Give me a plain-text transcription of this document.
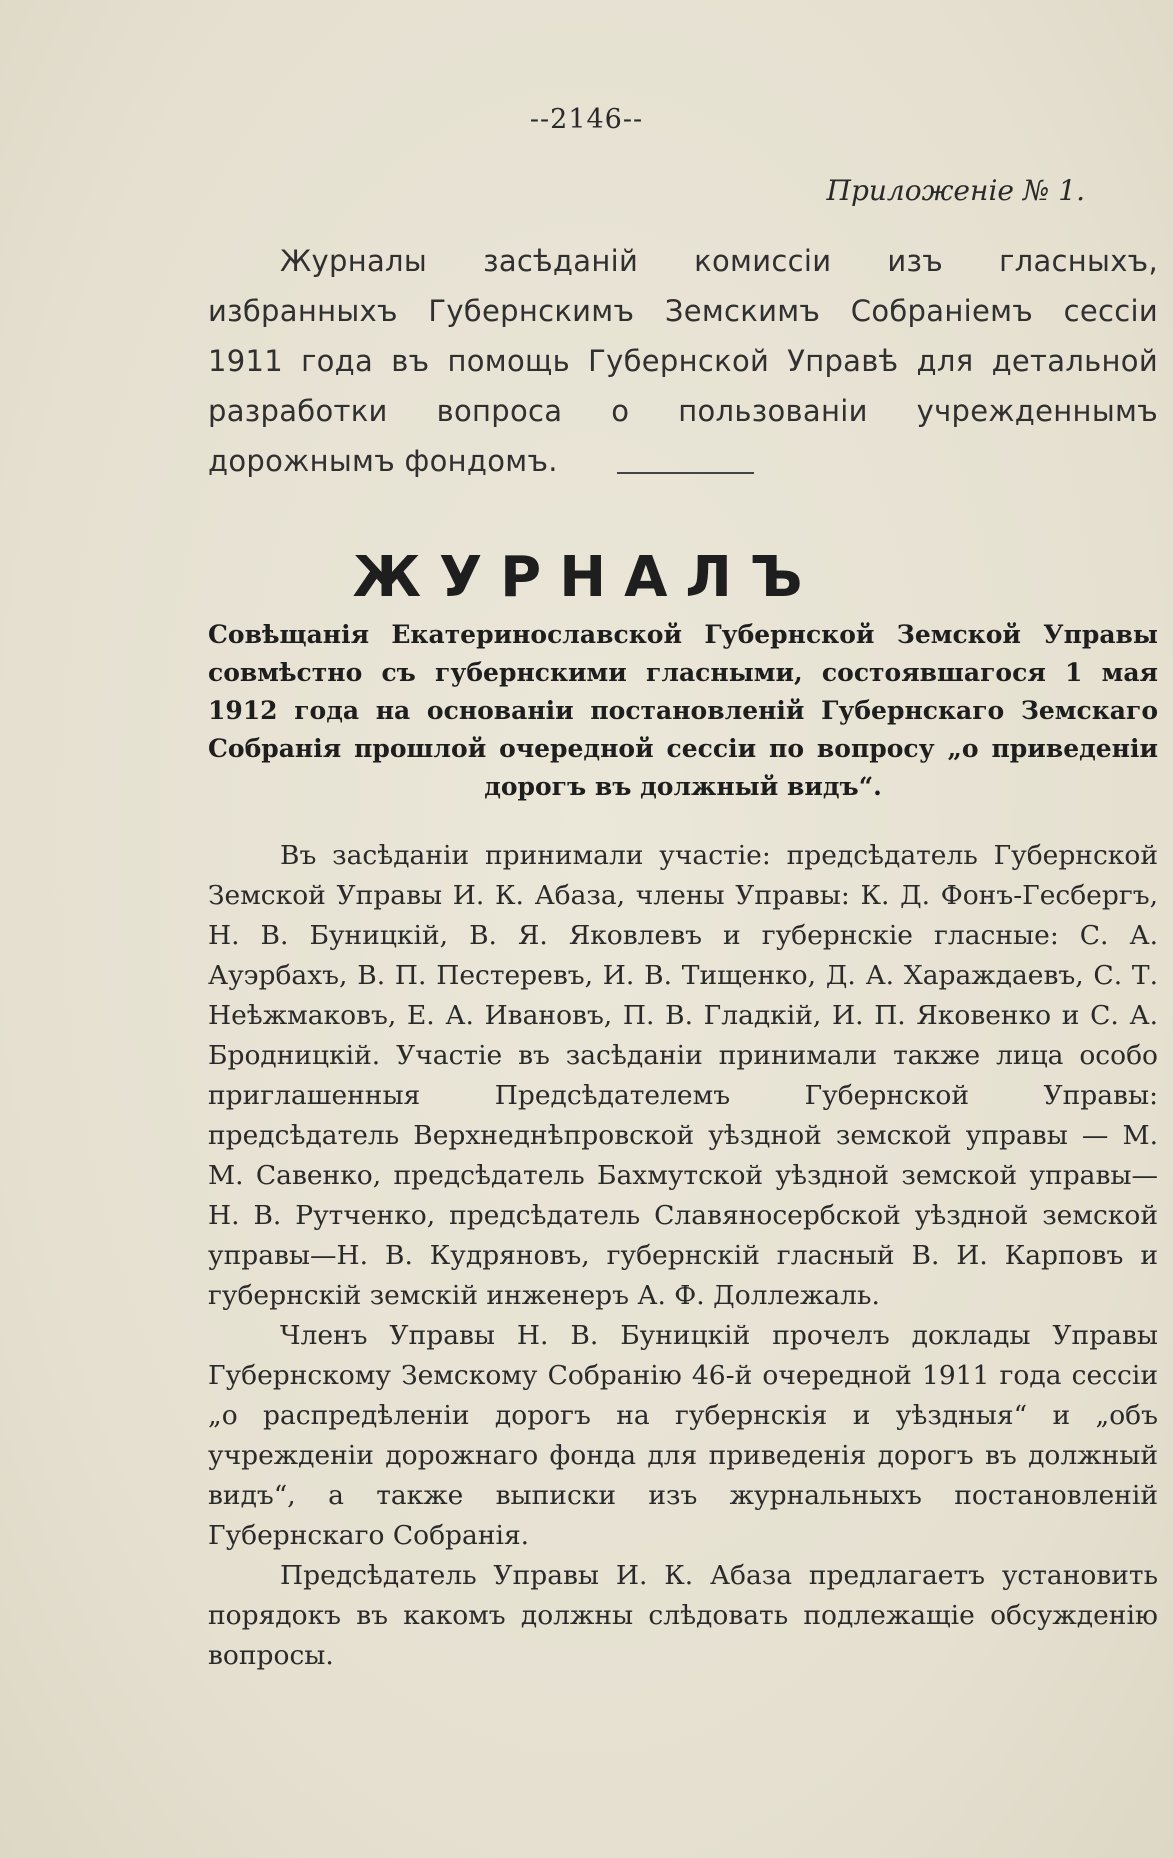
--2146--
Приложенiе № 1.
Журналы засѣданiй комиссiи изъ гласныхъ, избранныхъ Губернскимъ Земскимъ Собранiемъ сессiи 1911 года въ помощь Губернской Управѣ для детальной разработки вопроса о пользованiи учрежденнымъ дорожнымъ фондомъ.
ЖУРНАЛЪ
Совѣщанiя Екатеринославской Губернской Земской Управы совмѣстно съ губернскими гласными, состоявшагося 1 мая 1912 года на основанiи постановленiй Губернскаго Земскаго Собранiя прошлой очередной сессiи по вопросу „о приведенiи дорогъ въ должный видъ“.

Въ засѣданiи принимали участiе: предсѣдатель Губернской Земской Управы И. К. Абаза, члены Управы: К. Д. Фонъ-Гесбергъ, Н. В. Буницкiй, В. Я. Яковлевъ и губернскiе гласные: С. А. Ауэрбахъ, В. П. Пестеревъ, И. В. Тищенко, Д. А. Хараждаевъ, С. Т. Неѣжмаковъ, Е. А. Ивановъ, П. В. Гладкiй, И. П. Яковенко и С. А. Бродницкiй. Участiе въ засѣданiи принимали также лица особо приглашенныя Предсѣдателемъ Губернской Управы: предсѣдатель Верхнеднѣпровской уѣздной земской управы — М. М. Савенко, предсѣдатель Бахмутской уѣздной земской управы— Н. В. Рутченко, предсѣдатель Славяносербской уѣздной земской управы—Н. В. Кудряновъ, губернскiй гласный В. И. Карповъ и губернскiй земскiй инженеръ А. Ф. Доллежаль.

Членъ Управы Н. В. Буницкiй прочелъ доклады Управы Губернскому Земскому Собранiю 46-й очередной 1911 года сессiи „о распредѣленiи дорогъ на губернскiя и уѣздныя“ и „объ учрежденiи дорожнаго фонда для приведенiя дорогъ въ должный видъ“, а также выписки изъ журнальныхъ постановленiй Губернскаго Собранiя.

Предсѣдатель Управы И. К. Абаза предлагаетъ установить порядокъ въ какомъ должны слѣдовать подлежащiе обсужденiю вопросы.
